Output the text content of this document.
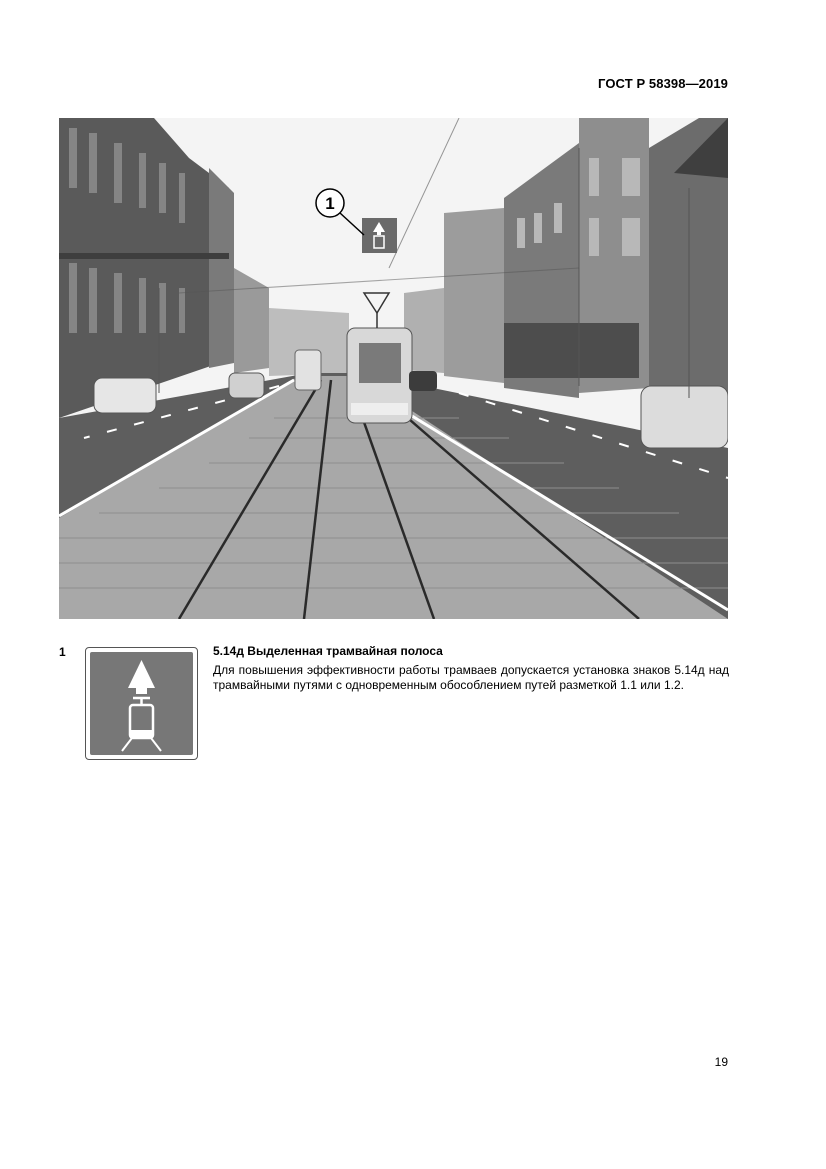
ГОСТ Р 58398—2019
1
1	5.14д Выделенная трамвайная полоса
Для повышения эффективности работы трамваев допускается установка знаков 5.14д над трамвайными путями с одновременным обособлением путей разметкой 1.1 или 1.2.
19
